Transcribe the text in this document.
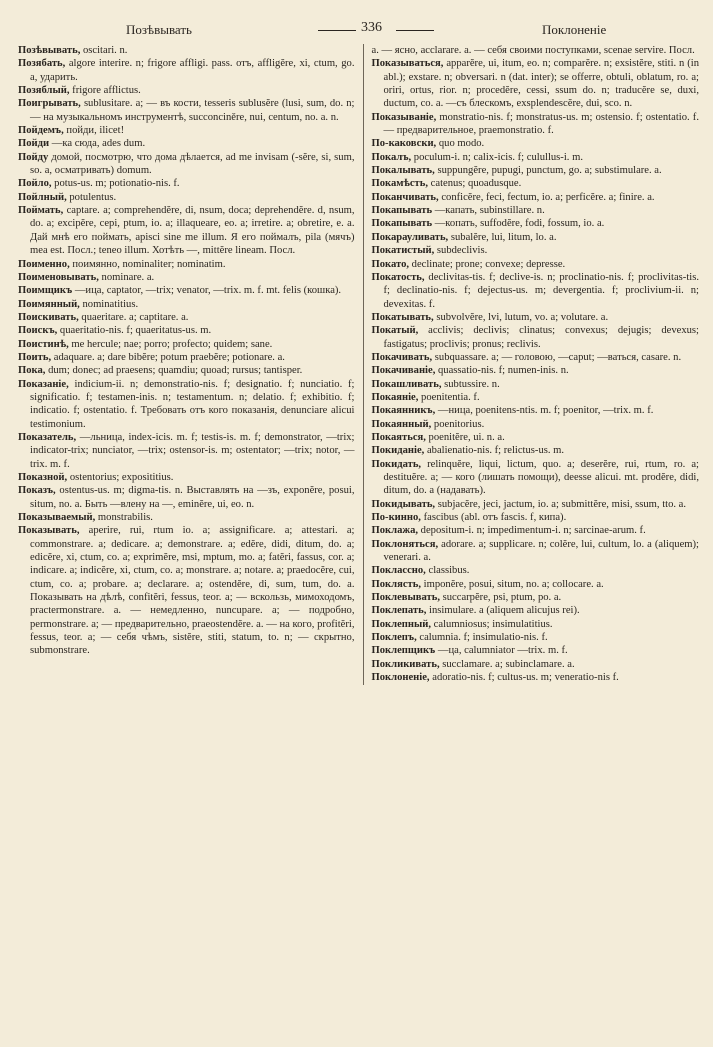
Позѣвывать	336	Поклоненіе

Позѣвывать, oscitari. n.

Позябать, algore interire. n; frigore affligi. pass. отъ, affligĕre, xi, ctum, go. a, удаpить.

Позяблый, frigore afflictus.

Поигрывать, sublusitare. a; — въ кости, tesseris sublusĕre (lusi, sum, do. n; — на музыкальномъ инструментѣ, succonciněre, nui, centum, no. a. n.

Пойдемъ, пойди, ilicet!

Пойди —ка сюда, ades dum.

Пойду домой, посмотрю, что дома дѣлается, ad me invisam (-sĕre, si, sum, so. a, осматривать) domum.

Пойло, potus-us. m; potionatio-nis. f.

Пойлный, potulentus.

Поймать, captare. a; comprehendĕre, di, nsum, doca; deprehendĕre. d, nsum, do. a; excipĕre, cepi, ptum, io. a; illaqueare, eo. a; irretire. a; obretire, e. a. Дай мнѣ его поймать, apisci sine me illum. Я его поймалъ, pila (мячъ) mea est. Посл.; teneo illum. Хотѣть —, mittĕre lineam. Посл.

Поименно, поимянно, nominaliter; nominatim.

Поименовывать, nominare. a.

Поимщикъ —ица, captator, —trix; venator, —trix. m. f. mt. felis (кошка).

Поимянный, nominatitius.

Поискивать, quaeritare. a; captitare. a.

Поискъ, quaeritatio-nis. f; quaeritatus-us. m.

Поистинѣ, me hercule; nae; porro; profecto; quidem; sane.

Поить, adaquare. a; dare bibĕre; potum praebĕre; potionare. a.

Пока, dum; donec; ad praesens; quamdiu; quoad; rursus; tantisper.

Показаніе, indicium-ii. n; demonstratio-nis. f; designatio. f; nunciatio. f; significatio. f; testamen-inis. n; testamentum. n; delatio. f; exhibitio. f; indicatio. f; ostentatio. f. Требовать отъ кого показанія, denunciare alicui testimonium.

Показатель, —льница, index-icis. m. f; testis-is. m. f; demonstrator, —trix; indicator-trix; nunciator, —trix; ostensor-is. m; ostentator; —trix; notor, —trix. m. f.

Показной, ostentorius; exposititius.

Показъ, ostentus-us. m; digma-tis. n. Выставлять на —зъ, exponĕre, posui, situm, no. a. Быть —влену на —, eminĕre, ui, eo. n.

Показываемый, monstrabilis.

Показывать, aperire, rui, rtum io. a; assignificare. a; attestari. a; commonstrare. a; dedicare. a; demonstrare. a; edĕre, didi, ditum, do. a; edicĕre, xi, ctum, co. a; exprimĕre, msi, mptum, mo. a; fatĕri, fassus, cor. a; indicare. a; indicĕre, xi, ctum, co. a; monstrare. a; notare. a; praedocĕre, cui, ctum, co. a; probare. a; declarare. a; ostendĕre, di, sum, tum, do. a. Показывать на дѣлѣ, confitĕri, fessus, teor. a; — вскользь, мимоходомъ, practermonstrare. a. — немедленно, nuncupare. a; — подробно, permonstrare. a; — предварительно, praeostendĕre. a. — на кого, profitĕri, fessus, teor. a; — себя чѣмъ, sistĕre, stiti, statum, to. n; — скрытно, submonstrare.

a. — ясно, acclarare. a. — себя своими поступками, scenae servire. Посл.

Показываться, apparĕre, ui, itum, eo. n; comparĕre. n; exsistĕre, stiti. n (in abl.); exstare. n; obversari. n (dat. inter); se offerre, obtuli, oblatum, ro. a; oriri, ortus, rior. n; procedĕre, cessi, ssum do. n; traducĕre se, duxi, ductum, co. a. —съ блескомъ, exsplendescĕre, dui, sco. n.

Показываніе, monstratio-nis. f; monstratus-us. m; ostensio. f; ostentatio. f. — предварительное, praemonstratio. f.

По-каковски, quo modo.

Покалъ, poculum-i. n; calix-icis. f; culullus-i. m.

Покалывать, suppungĕre, pupugi, punctum, go. a; substimulare. a.

Покамѣсть, catenus; quoadusque.

Поканчивать, conficĕre, feci, fectum, io. a; perficĕre. a; finire. a.

Покапывать —капать, subinstillare. n.

Покапывать —копать, suffodĕre, fodi, fossum, io. a.

Покарауливать, subalĕre, lui, litum, lo. a.

Покатистый, subdeclivis.

Покато, declinate; prone; convexe; depresse.

Покатость, declivitas-tis. f; declive-is. n; proclinatio-nis. f; proclivitas-tis. f; declinatio-nis. f; dejectus-us. m; devergentia. f; proclivium-ii. n; devexitas. f.

Покатывать, subvolvĕre, lvi, lutum, vo. a; volutare. a.

Покатый, acclivis; declivis; clinatus; convexus; dejugis; devexus; fastigatus; proclivis; pronus; reclivis.

Покачивать, subquassare. a; — головою, —caput; —ваться, casare. n.

Покачиваніе, quassatio-nis. f; numen-inis. n.

Покашливать, subtussire. n.

Покаяніе, poenitentia. f.

Покаянникъ, —ница, poenitens-ntis. m. f; poenitor, —trix. m. f.

Покаянный, poenitorius.

Покаяться, poenitĕre, ui. n. a.

Покиданіе, abalienatio-nis. f; relictus-us. m.

Покидать, relinquĕre, liqui, lictum, quo. a; deserĕre, rui, rtum, ro. a; destituĕre. a; — кого (лишать помощи), deesse alicui. mt. prodĕre, didi, ditum, do. a (надавать).

Покидывать, subjacĕre, jeci, jactum, io. a; submittĕre, misi, ssum, tto. a.

По-кинно, fascibus (abl. отъ fascis. f, кипа).

Поклажа, depositum-i. n; impedimentum-i. n; sarcinae-arum. f.

Поклоняться, adorare. a; supplicare. n; colĕre, lui, cultum, lo. a (aliquem); venerari. a.

Поклассно, classibus.

Поклясть, imponĕre, posui, situm, no. a; collocare. a.

Поклевывать, succarpĕre, psi, ptum, po. a.

Поклепать, insimulare. a (aliquem alicujus rei).

Поклепный, calumniosus; insimulatitius.

Поклепъ, calumnia. f; insimulatio-nis. f.

Поклепщикъ —ца, calumniator —trix. m. f.

Покликивать, succlamare. a; subinclamare. a.

Поклоненіе, adoratio-nis. f; cultus-us. m; veneratio-nis f.
